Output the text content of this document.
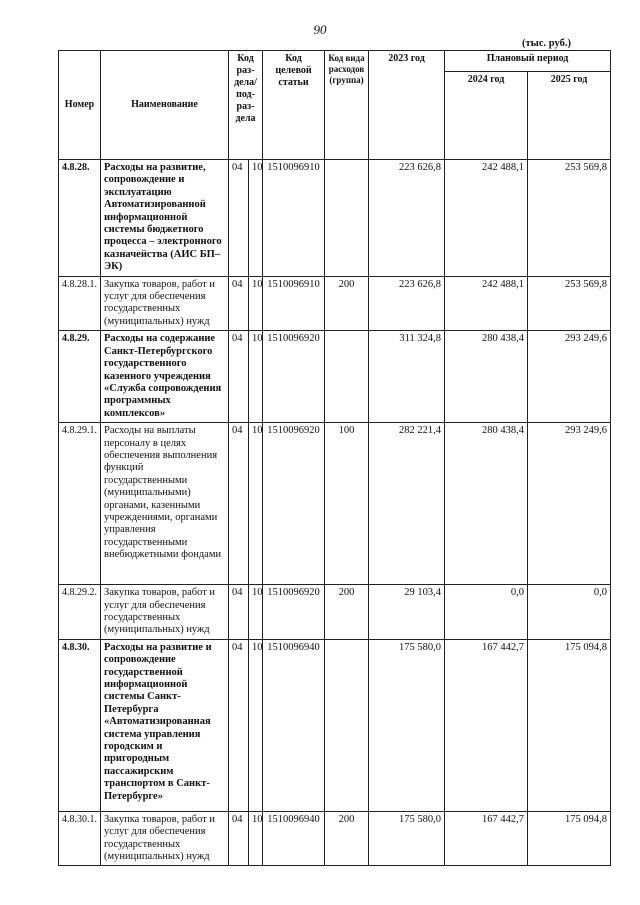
90
(тыс. руб.)
Номер	Наименование	Код раз-дела/ под-раз-дела		Код целевой статьи	Код вида расходов (группа)	2023 год	Плановый период	
							2024 год	2025 год
4.8.28.	Расходы на развитие, сопровождение и эксплуатацию Автоматизированной информационной системы бюджетного процесса – электронного казначейства (АИС БП–ЭК)	04	10	1510096910		223 626,8	242 488,1	253 569,8
4.8.28.1.	Закупка товаров, работ и услуг для обеспечения государственных (муниципальных) нужд	04	10	1510096910	200	223 626,8	242 488,1	253 569,8
4.8.29.	Расходы на содержание Санкт-Петербургского государственного казенного учреждения «Служба сопровождения программных комплексов»	04	10	1510096920		311 324,8	280 438,4	293 249,6
4.8.29.1.	Расходы на выплаты персоналу в целях обеспечения выполнения функций государственными (муниципальными) органами, казенными учреждениями, органами управления государственными внебюджетными фондами	04	10	1510096920	100	282 221,4	280 438,4	293 249,6
4.8.29.2.	Закупка товаров, работ и услуг для обеспечения государственных (муниципальных) нужд	04	10	1510096920	200	29 103,4	0,0	0,0
4.8.30.	Расходы на развитие и сопровождение государственной информационной системы Санкт-Петербурга «Автоматизированная система управления городским и пригородным пассажирским транспортом в Санкт-Петербурге»	04	10	1510096940		175 580,0	167 442,7	175 094,8
4.8.30.1.	Закупка товаров, работ и услуг для обеспечения государственных (муниципальных) нужд	04	10	1510096940	200	175 580,0	167 442,7	175 094,8
